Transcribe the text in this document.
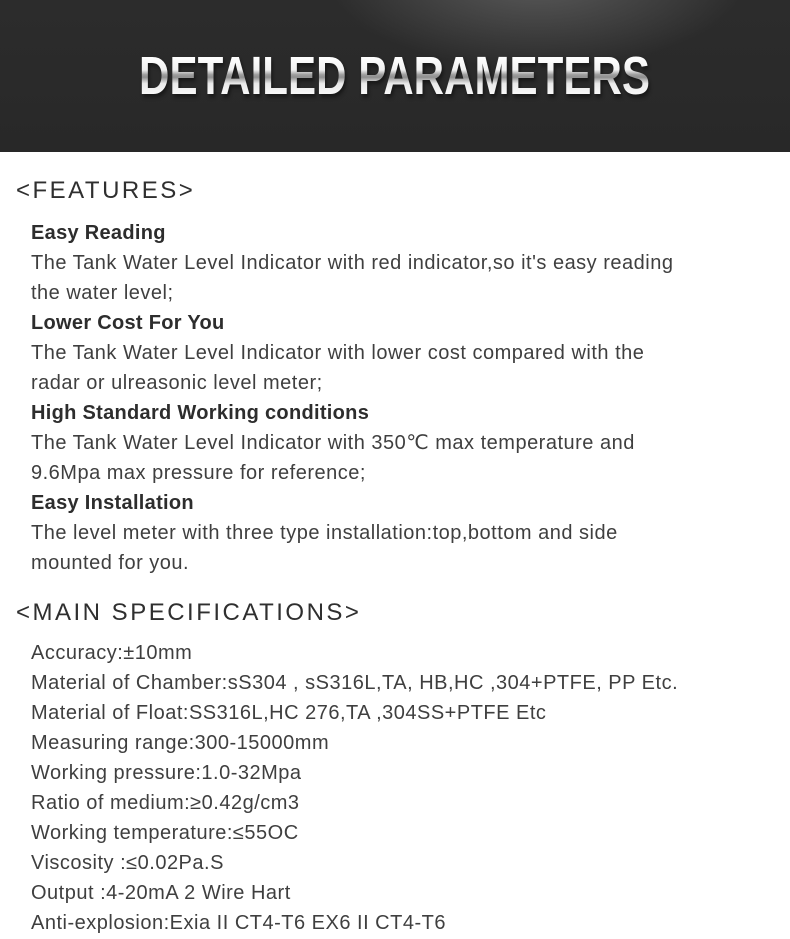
DETAILED PARAMETERS
<FEATURES>
Easy Reading
The Tank Water Level Indicator with red indicator,so it's easy reading
the water level;
Lower Cost For You
The Tank Water Level Indicator with lower cost compared with the
radar or ulreasonic level meter;
High Standard Working conditions
The Tank Water Level Indicator with 350℃ max temperature and
9.6Mpa max pressure for reference;
Easy Installation
The level meter with three type installation:top,bottom and side
mounted for you.
<MAIN SPECIFICATIONS>
Accuracy:±10mm
Material of Chamber:sS304 , sS316L,TA, HB,HC ,304+PTFE, PP Etc.
Material of Float:SS316L,HC 276,TA ,304SS+PTFE Etc
Measuring range:300-15000mm
Working pressure:1.0-32Mpa
Ratio of medium:≥0.42g/cm3
Working temperature:≤55OC
Viscosity :≤0.02Pa.S
Output :4-20mA 2 Wire Hart
Anti-explosion:Exia II CT4-T6 EX6 II CT4-T6
